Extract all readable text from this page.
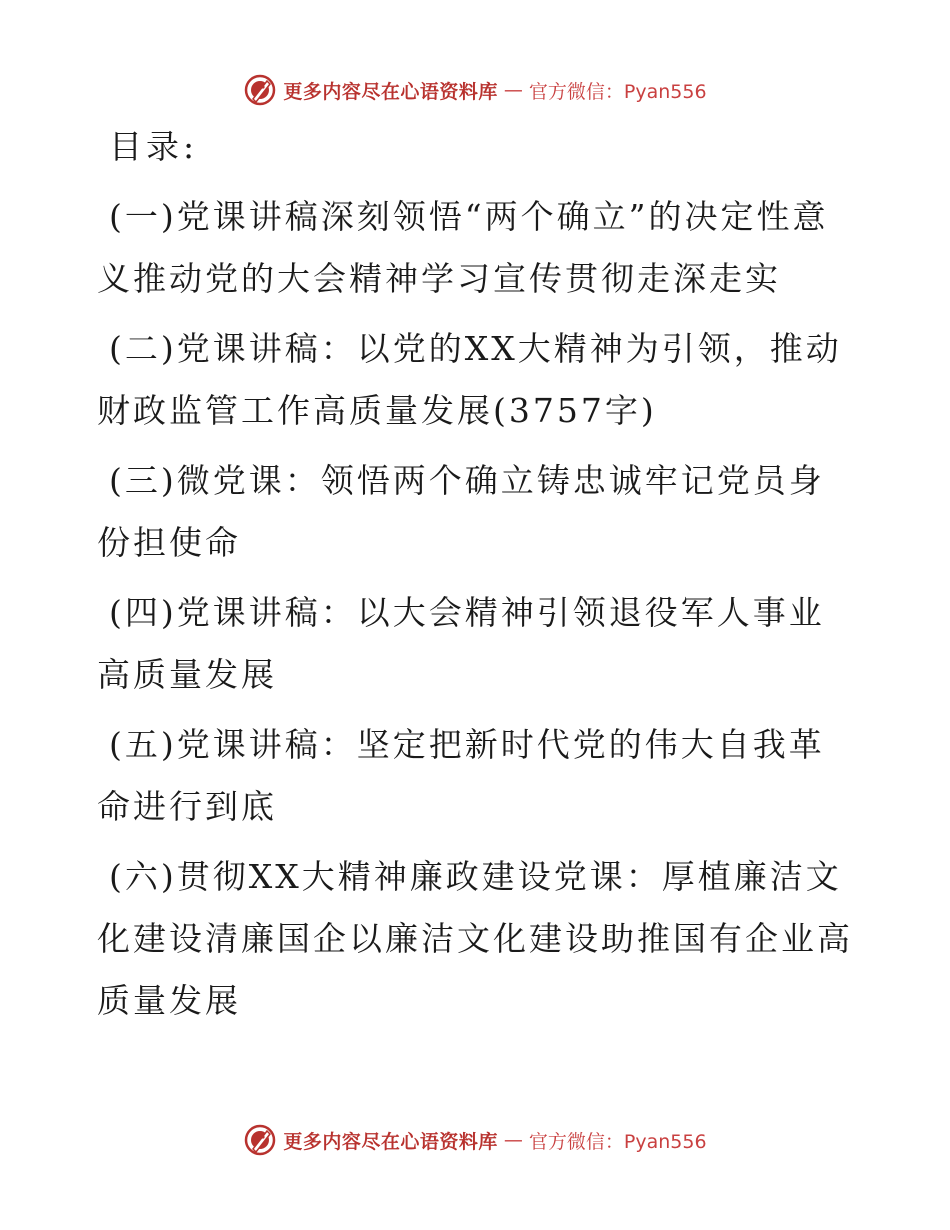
更多内容尽在心语资料库 — 官方微信：Pyan556
目录:

(一)党课讲稿深刻领悟“两个确立”的决定性意义推动党的大会精神学习宣传贯彻走深走实

(二)党课讲稿：以党的XX大精神为引领，推动财政监管工作高质量发展(3757字)

(三)微党课：领悟两个确立铸忠诚牢记党员身份担使命

(四)党课讲稿：以大会精神引领退役军人事业高质量发展

(五)党课讲稿：坚定把新时代党的伟大自我革命进行到底

(六)贯彻XX大精神廉政建设党课：厚植廉洁文化建设清廉国企以廉洁文化建设助推国有企业高质量发展

更多内容尽在心语资料库 — 官方微信：Pyan556
